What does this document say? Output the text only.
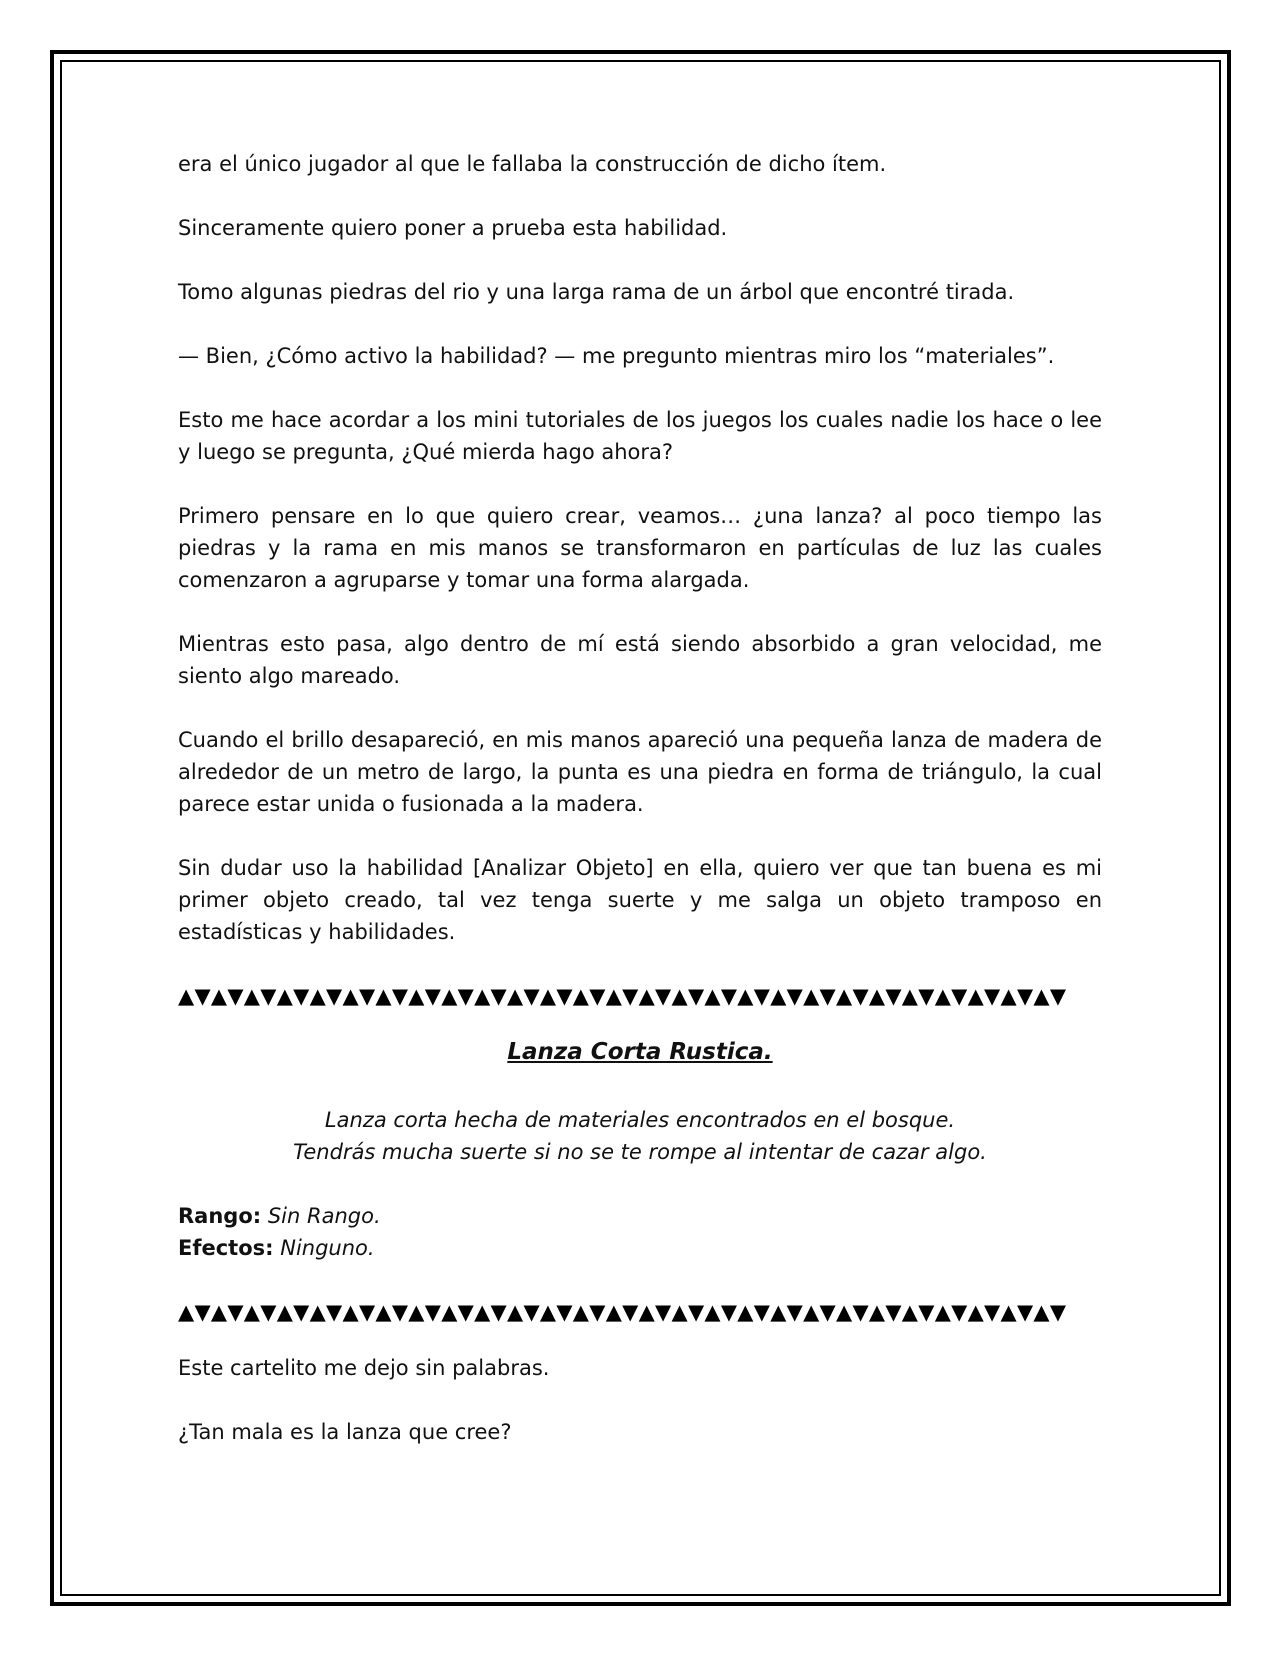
era el único jugador al que le fallaba la construcción de dicho ítem.

Sinceramente quiero poner a prueba esta habilidad.

Tomo algunas piedras del rio y una larga rama de un árbol que encontré tirada.

— Bien, ¿Cómo activo la habilidad? — me pregunto mientras miro los “materiales”.

Esto me hace acordar a los mini tutoriales de los juegos los cuales nadie los hace o lee y luego se pregunta, ¿Qué mierda hago ahora?

Primero pensare en lo que quiero crear, veamos… ¿una lanza? al poco tiempo las piedras y la rama en mis manos se transformaron en partículas de luz las cuales comenzaron a agruparse y tomar una forma alargada.

Mientras esto pasa, algo dentro de mí está siendo absorbido a gran velocidad, me siento algo mareado.

Cuando el brillo desapareció, en mis manos apareció una pequeña lanza de madera de alrededor de un metro de largo, la punta es una piedra en forma de triángulo, la cual parece estar unida o fusionada a la madera.

Sin dudar uso la habilidad [Analizar Objeto] en ella, quiero ver que tan buena es mi primer objeto creado, tal vez tenga suerte y me salga un objeto tramposo en estadísticas y habilidades.

▲▼▲▼▲▼▲▼▲▼▲▼▲▼▲▼▲▼▲▼▲▼▲▼▲▼▲▼▲▼▲▼▲▼▲▼▲▼▲▼▲▼▲▼▲▼▲▼▲▼▲▼▲▼
Lanza Corta Rustica.
Lanza corta hecha de materiales encontrados en el bosque.
Tendrás mucha suerte si no se te rompe al intentar de cazar algo.
Rango: Sin Rango.
Efectos: Ninguno.
▲▼▲▼▲▼▲▼▲▼▲▼▲▼▲▼▲▼▲▼▲▼▲▼▲▼▲▼▲▼▲▼▲▼▲▼▲▼▲▼▲▼▲▼▲▼▲▼▲▼▲▼▲▼

Este cartelito me dejo sin palabras.

¿Tan mala es la lanza que cree?
